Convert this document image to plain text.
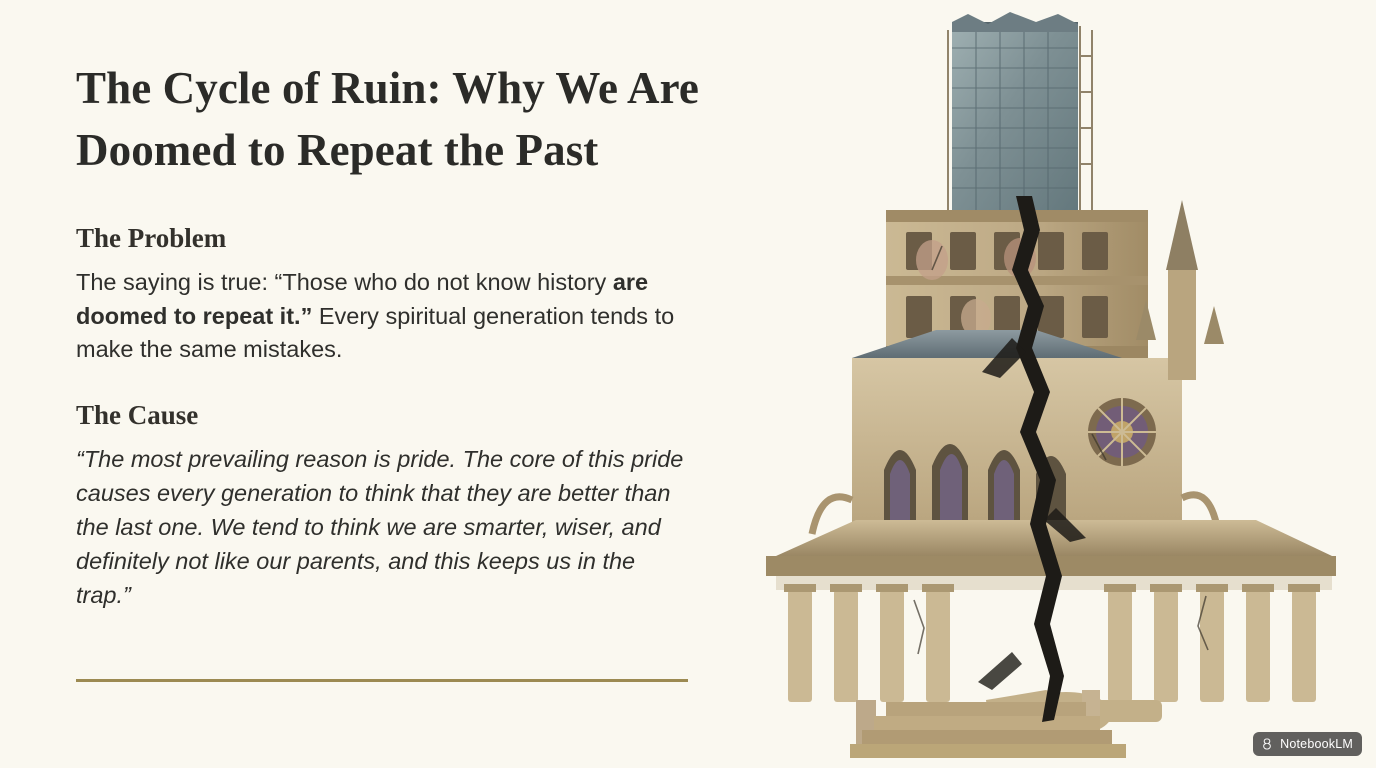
The Cycle of Ruin: Why We Are Doomed to Repeat the Past
The Problem

The saying is true: “Those who do not know history are doomed to repeat it.” Every spiritual generation tends to make the same mistakes.

The Cause

“The most prevailing reason is pride. The core of this pride causes every generation to think that they are better than the last one. We tend to think we are smarter, wiser, and definitely not like our parents, and this keeps us in the trap.”

NotebookLM
